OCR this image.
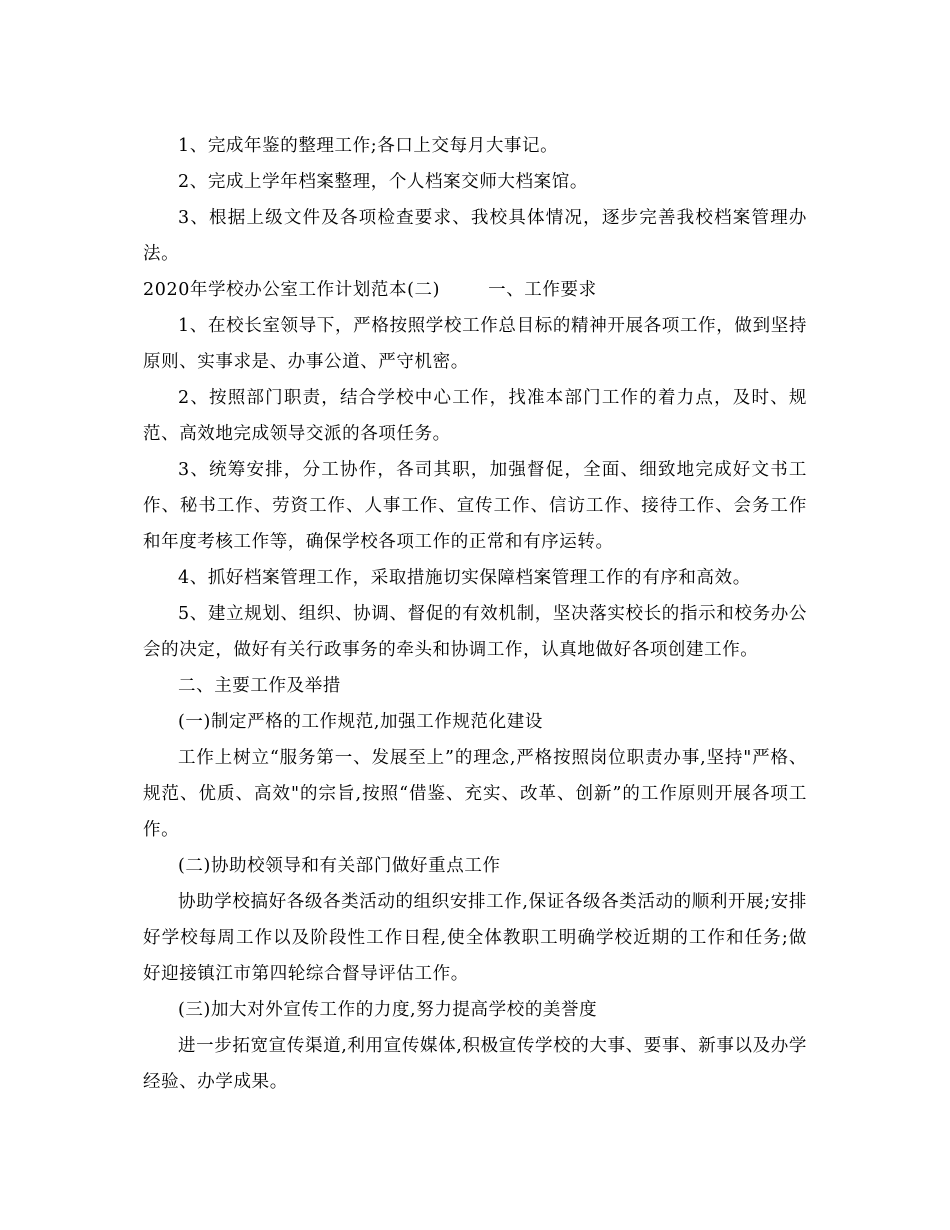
1、完成年鉴的整理工作;各口上交每月大事记。

2、完成上学年档案整理，个人档案交师大档案馆。

3、根据上级文件及各项检查要求、我校具体情况，逐步完善我校档案管理办法。

2020年学校办公室工作计划范本(二)	一、工作要求

1、在校长室领导下，严格按照学校工作总目标的精神开展各项工作，做到坚持原则、实事求是、办事公道、严守机密。

2、按照部门职责，结合学校中心工作，找准本部门工作的着力点，及时、规范、高效地完成领导交派的各项任务。

3、统筹安排，分工协作，各司其职，加强督促，全面、细致地完成好文书工作、秘书工作、劳资工作、人事工作、宣传工作、信访工作、接待工作、会务工作和年度考核工作等，确保学校各项工作的正常和有序运转。

4、抓好档案管理工作，采取措施切实保障档案管理工作的有序和高效。

5、建立规划、组织、协调、督促的有效机制，坚决落实校长的指示和校务办公会的决定，做好有关行政事务的牵头和协调工作，认真地做好各项创建工作。

二、主要工作及举措

(一)制定严格的工作规范,加强工作规范化建设

工作上树立“服务第一、发展至上”的理念,严格按照岗位职责办事,坚持"严格、规范、优质、高效"的宗旨,按照“借鉴、充实、改革、创新”的工作原则开展各项工作。

(二)协助校领导和有关部门做好重点工作

协助学校搞好各级各类活动的组织安排工作,保证各级各类活动的顺利开展;安排好学校每周工作以及阶段性工作日程,使全体教职工明确学校近期的工作和任务;做好迎接镇江市第四轮综合督导评估工作。

(三)加大对外宣传工作的力度,努力提高学校的美誉度

进一步拓宽宣传渠道,利用宣传媒体,积极宣传学校的大事、要事、新事以及办学经验、办学成果。
